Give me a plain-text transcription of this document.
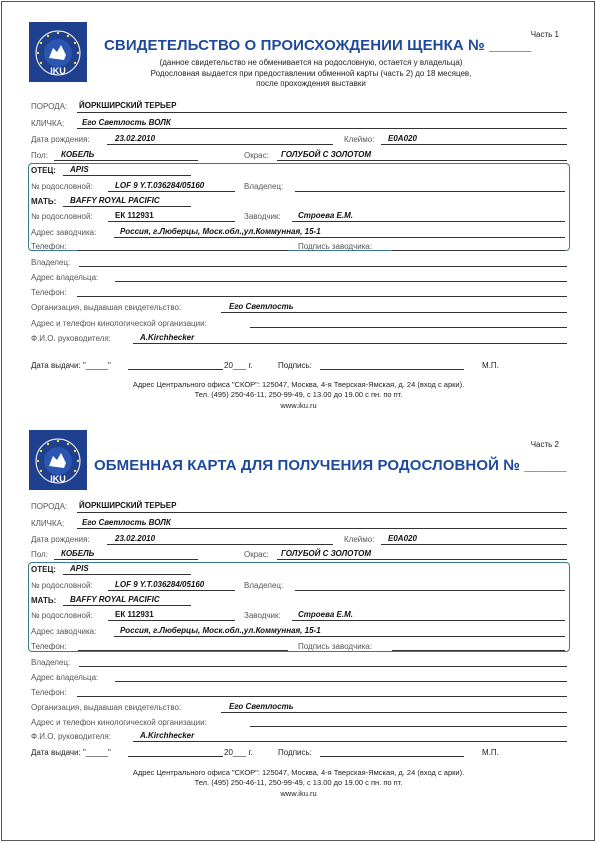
IKU
Часть 1
СВИДЕТЕЛЬСТВО О ПРОИСХОЖДЕНИИ ЩЕНКА № _____
(данное свидетельство не обменивается на родословную, остается у владельца)
Родословная выдается при предоставлении обменной карты (часть 2) до 18 месяцев,
после прохождения выставки
ПОРОДА: ЙОРКШИРСКИЙ ТЕРЬЕР
КЛИЧКА: Его Светлость ВОЛК
Дата рождения:	23.02.2010	Клеймо: E0A020
Пол: КОБЕЛЬ	Окрас: ГОЛУБОЙ С ЗОЛОТОМ
ОТЕЦ: APIS
№ родословной:	LOF 9 Y.T.036284/05160	Владелец:
МАТЬ: BAFFY ROYAL PACIFIC
№ родословной:	ЕК 112931	Заводчик: Строева Е.М.
Адрес заводчика:	Россия, г.Люберцы, Моск.обл.,ул.Коммунная, 15-1
Телефон:	Подпись заводчика:
Владелец:
Адрес владельца:
Телефон:
Организация, выдавшая свидетельство:	Его Светлость
Адрес и телефон кинологической организации:
Ф.И.О. руководителя:	A.Kirchhecker
Дата выдачи: "_____"	20___ г.	Подпись:	М.П.
Адрес Центрального офиса "СКОР": 125047, Москва, 4-я Тверская-Ямская, д. 24 (вход с арки).
Тел. (495) 250-46-11, 250-99-49, с 13.00 до 19.00 с пн. по пт.
www.iku.ru
IKU
Часть 2
ОБМЕННАЯ КАРТА ДЛЯ ПОЛУЧЕНИЯ РОДОСЛОВНОЙ № _____
ПОРОДА: ЙОРКШИРСКИЙ ТЕРЬЕР
КЛИЧКА: Его Светлость ВОЛК
Дата рождения:	23.02.2010	Клеймо: E0A020
Пол: КОБЕЛЬ	Окрас: ГОЛУБОЙ С ЗОЛОТОМ
ОТЕЦ: APIS
№ родословной:	LOF 9 Y.T.036284/05160	Владелец:
МАТЬ: BAFFY ROYAL PACIFIC
№ родословной:	ЕК 112931	Заводчик: Строева Е.М.
Адрес заводчика:	Россия, г.Люберцы, Моск.обл.,ул.Коммунная, 15-1
Телефон:	Подпись заводчика:
Владелец:
Адрес владельца:
Телефон:
Организация, выдавшая свидетельство:	Его Светлость
Адрес и телефон кинологической организации:
Ф.И.О. руководителя:	A.Kirchhecker
Дата выдачи: "_____"	20___ г.	Подпись:	М.П.
Адрес Центрального офиса "СКОР": 125047, Москва, 4-я Тверская-Ямская, д. 24 (вход с арки).
Тел. (495) 250-46-11, 250-99-49, с 13.00 до 19.00 с пн. по пт.
www.iku.ru
